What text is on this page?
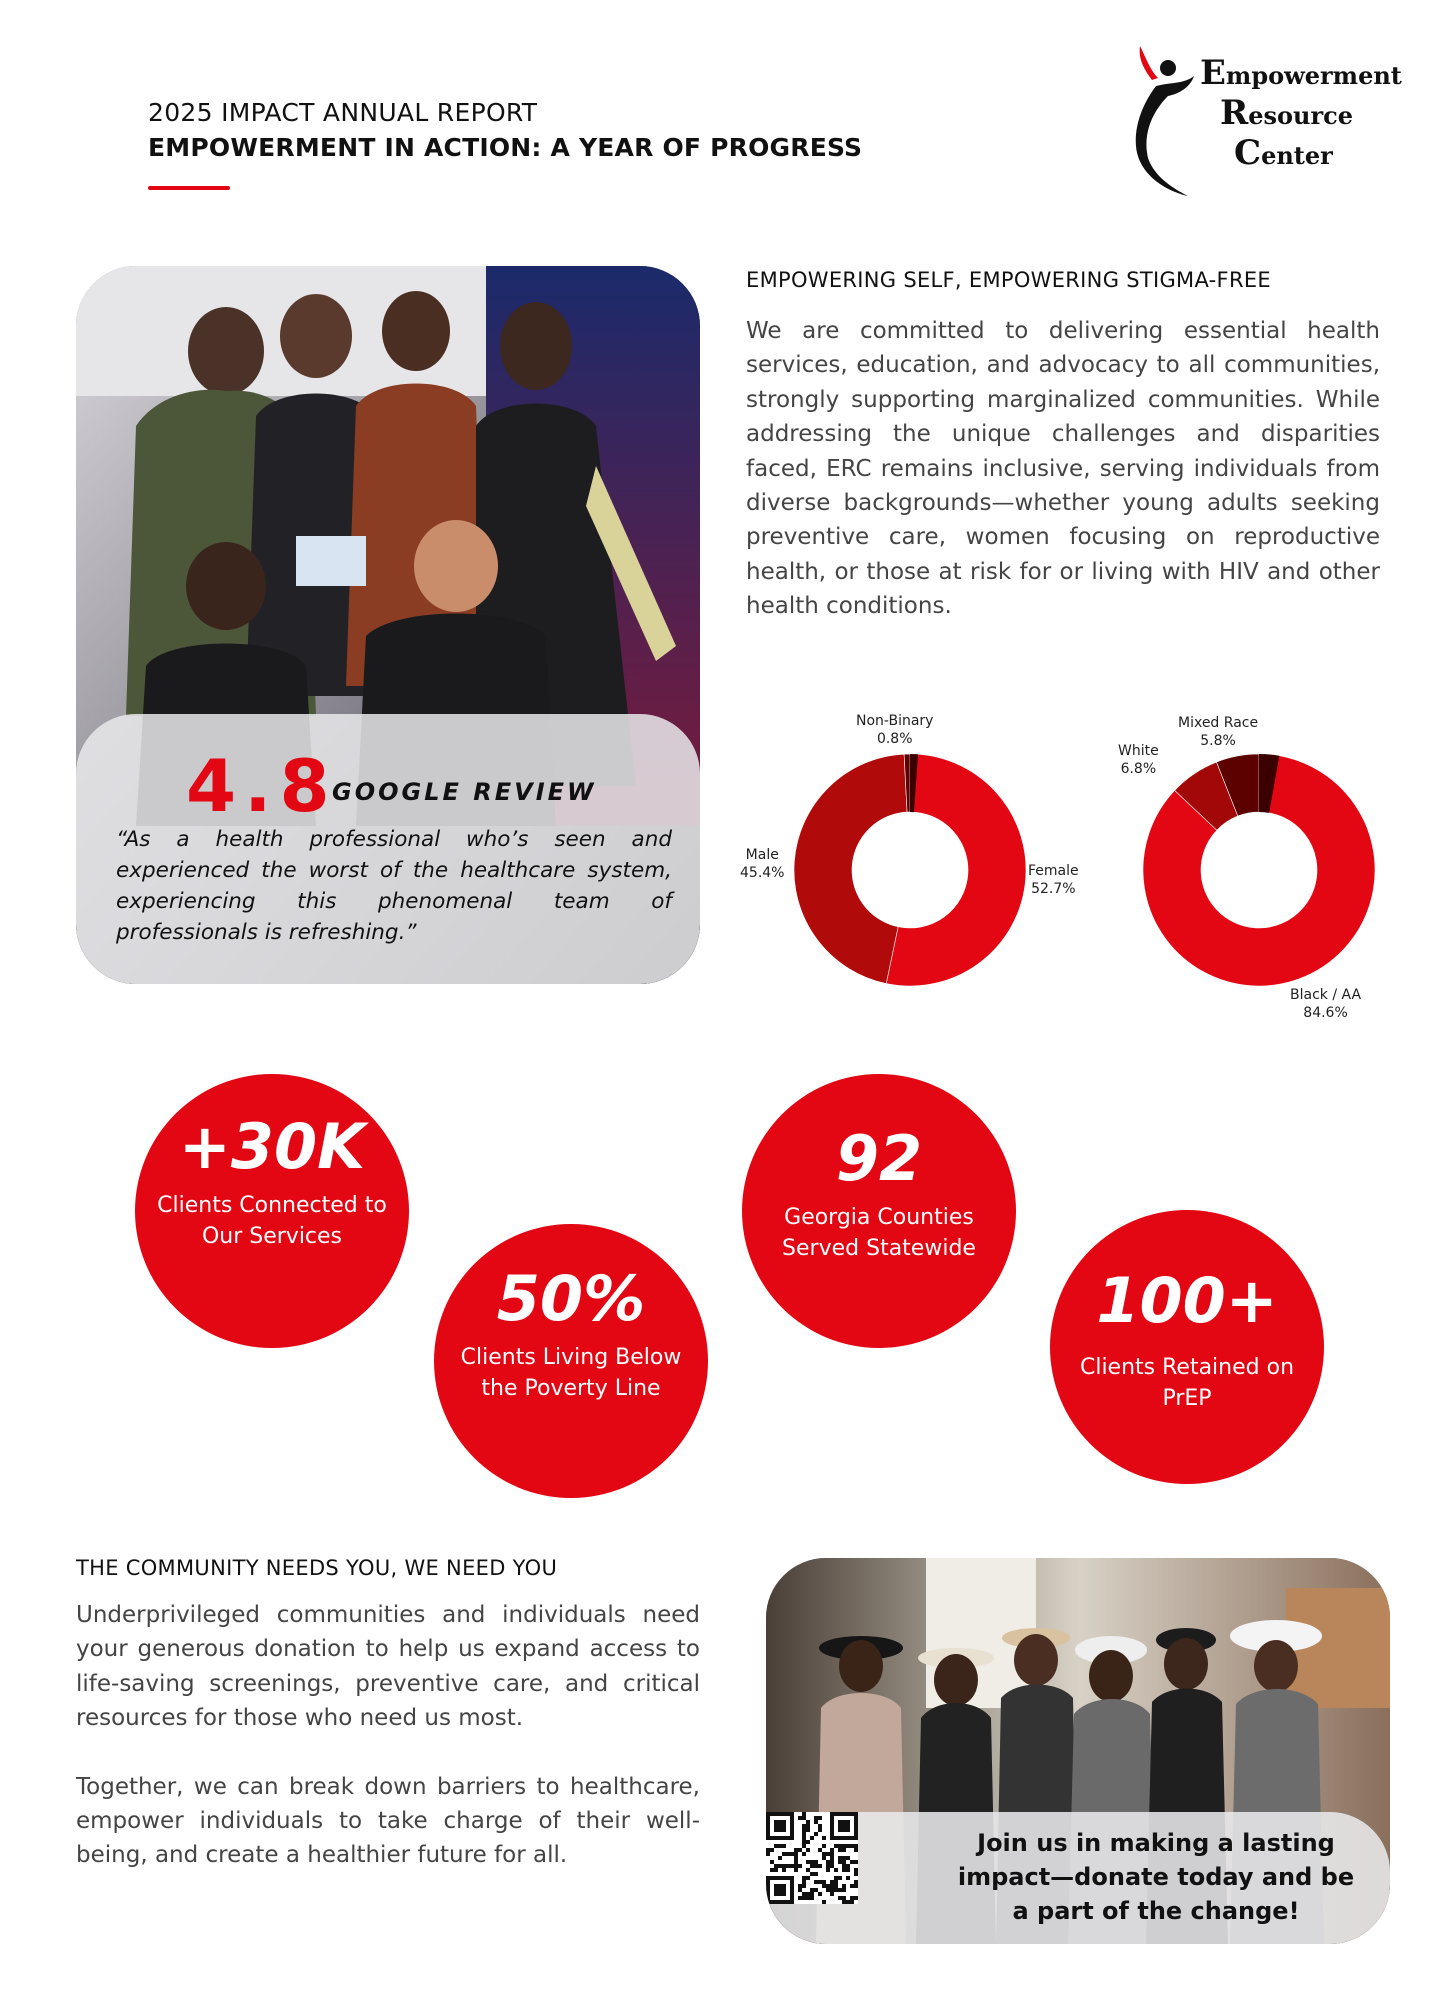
2025 IMPACT ANNUAL REPORT
EMPOWERMENT IN ACTION: A YEAR OF PROGRESS
Empowerment
Resource
Center
4.8
GOOGLE REVIEW
“As a health professional who’s seen and experienced the worst of the healthcare system, experiencing this phenomenal team of professionals is refreshing.”
EMPOWERING SELF, EMPOWERING STIGMA-FREE
We are committed to delivering essential health services, education, and advocacy to all communities, strongly supporting marginalized communities. While addressing the unique challenges and disparities faced, ERC remains inclusive, serving individuals from diverse backgrounds—whether young adults seeking preventive care, women focusing on reproductive health, or those at risk for or living with HIV and other health conditions.
Non-Binary
0.8%
Male
45.4%	Female
52.7%
Mixed Race
5.8%
White
6.8%
Black / AA
84.6%
+30K
Clients Connected to Our Services
50%
Clients Living Below the Poverty Line
92
Georgia Counties Served Statewide
100+
Clients Retained on PrEP
THE COMMUNITY NEEDS YOU, WE NEED YOU

Underprivileged communities and individuals need your generous donation to help us expand access to life-saving screenings, preventive care, and critical resources for those who need us most.

Together, we can break down barriers to healthcare, empower individuals to take charge of their well-being, and create a healthier future for all.	Join us in making a lasting impact—donate today and be a part of the change!
